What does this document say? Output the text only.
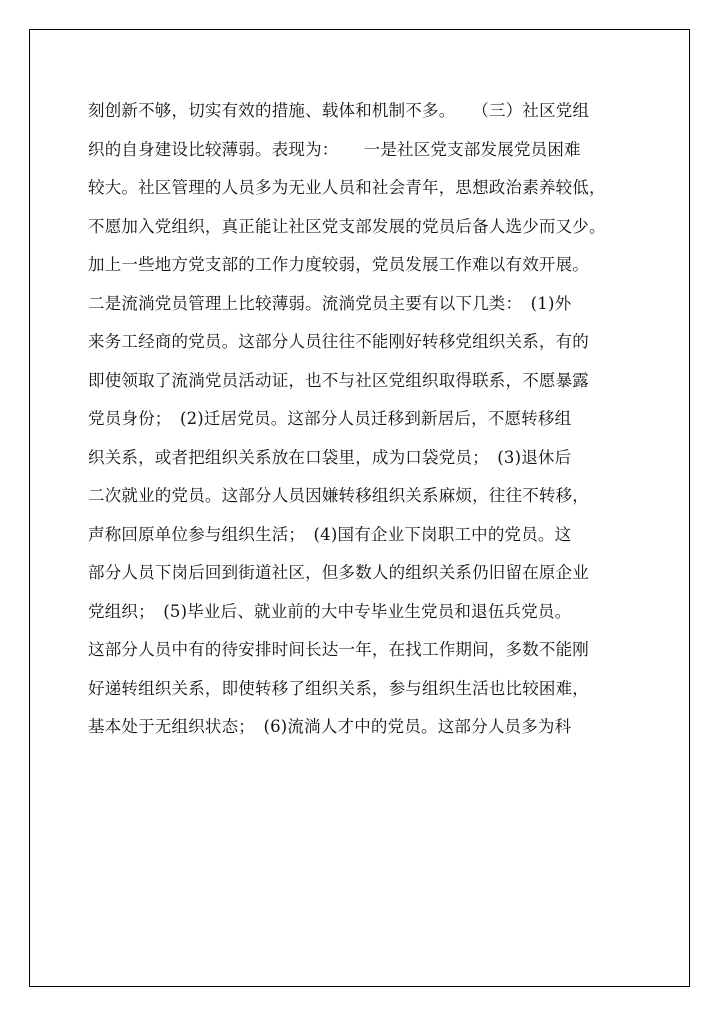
刻创新不够，切实有效的措施、载体和机制不多。　　（三）社区党组
织的自身建设比较薄弱。表现为：　　一是社区党支部发展党员困难
较大。社区管理的人员多为无业人员和社会青年，思想政治素养较低，
不愿加入党组织，真正能让社区党支部发展的党员后备人选少而又少。
加上一些地方党支部的工作力度较弱，党员发展工作难以有效开展。
二是流淌党员管理上比较薄弱。流淌党员主要有以下几类：　(1)外
来务工经商的党员。这部分人员往往不能刚好转移党组织关系，有的
即使领取了流淌党员活动证，也不与社区党组织取得联系，不愿暴露
党员身份；　(2)迁居党员。这部分人员迁移到新居后，不愿转移组
织关系，或者把组织关系放在口袋里，成为口袋党员；　(3)退休后
二次就业的党员。这部分人员因嫌转移组织关系麻烦，往往不转移，
声称回原单位参与组织生活；　(4)国有企业下岗职工中的党员。这
部分人员下岗后回到街道社区，但多数人的组织关系仍旧留在原企业
党组织；　(5)毕业后、就业前的大中专毕业生党员和退伍兵党员。
这部分人员中有的待安排时间长达一年，在找工作期间，多数不能刚
好递转组织关系，即使转移了组织关系，参与组织生活也比较困难，
基本处于无组织状态；　(6)流淌人才中的党员。这部分人员多为科
